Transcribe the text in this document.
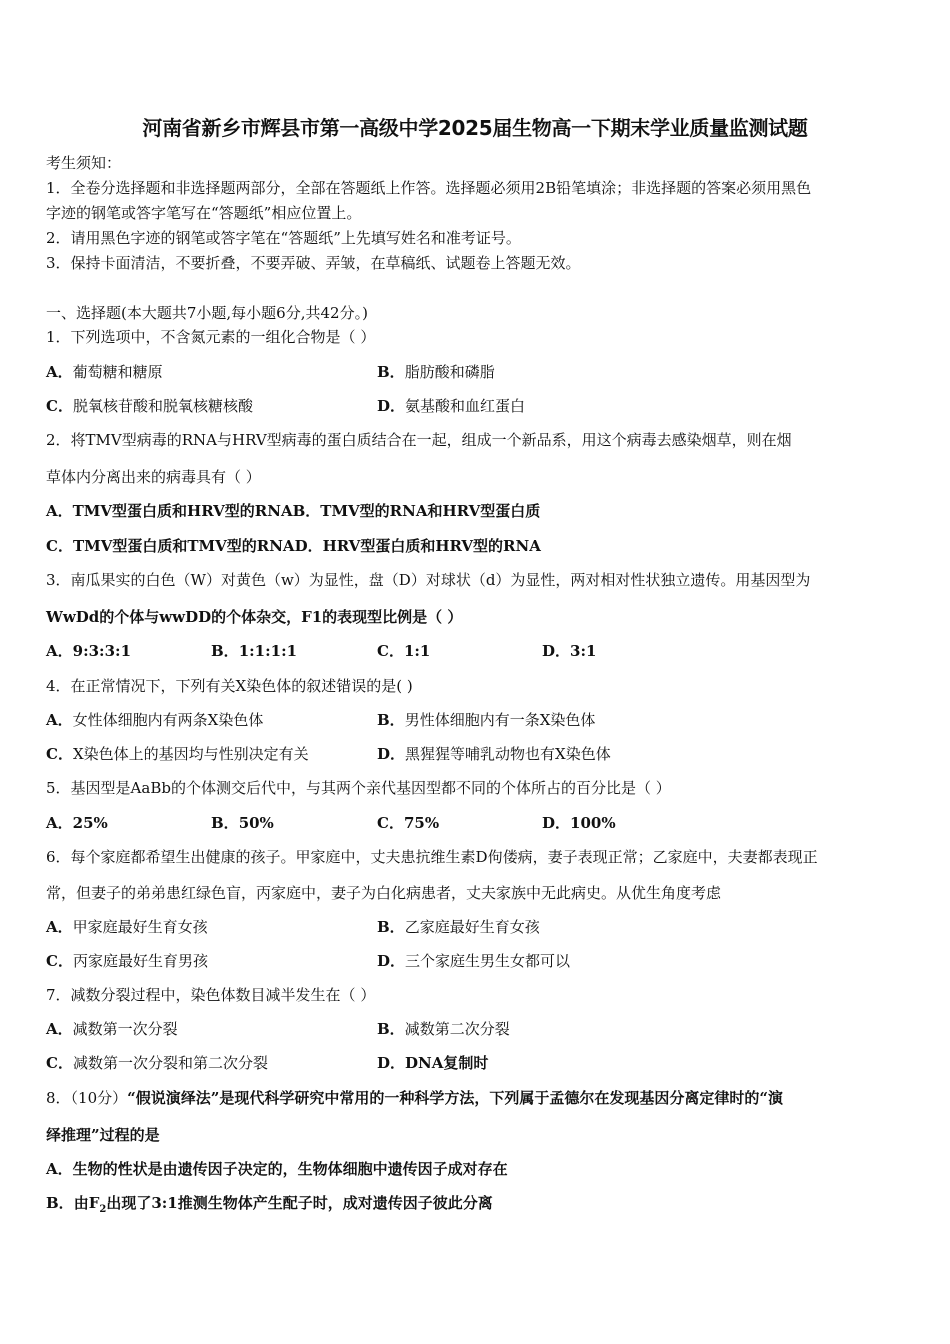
河南省新乡市辉县市第一高级中学2025届生物高一下期末学业质量监测试题
考生须知：
1．全卷分选择题和非选择题两部分，全部在答题纸上作答。选择题必须用2B铅笔填涂；非选择题的答案必须用黑色
字迹的钢笔或答字笔写在“答题纸”相应位置上。
2．请用黑色字迹的钢笔或答字笔在“答题纸”上先填写姓名和准考证号。
3．保持卡面清洁，不要折叠，不要弄破、弄皱，在草稿纸、试题卷上答题无效。
一、选择题(本大题共7小题,每小题6分,共42分。)
1．下列选项中，不含氮元素的一组化合物是（ ）
A．葡萄糖和糖原	B．脂肪酸和磷脂
C．脱氧核苷酸和脱氧核糖核酸	D．氨基酸和血红蛋白
2．将TMV型病毒的RNA与HRV型病毒的蛋白质结合在一起，组成一个新品系，用这个病毒去感染烟草，则在烟
草体内分离出来的病毒具有（ ）
A．TMV型蛋白质和HRV型的RNAB．TMV型的RNA和HRV型蛋白质
C．TMV型蛋白质和TMV型的RNAD．HRV型蛋白质和HRV型的RNA
3．南瓜果实的白色（W）对黄色（w）为显性，盘（D）对球状（d）为显性，两对相对性状独立遗传。用基因型为
WwDd的个体与wwDD的个体杂交，F1的表现型比例是（ ）
A．9:3:3:1	B．1:1:1:1	C．1:1	D．3:1
4．在正常情况下，下列有关X染色体的叙述错误的是( )
A．女性体细胞内有两条X染色体	B．男性体细胞内有一条X染色体
C．X染色体上的基因均与性别决定有关	D．黑猩猩等哺乳动物也有X染色体
5．基因型是AaBb的个体测交后代中，与其两个亲代基因型都不同的个体所占的百分比是（ ）
A．25%	B．50%	C．75%	D．100%
6．每个家庭都希望生出健康的孩子。甲家庭中，丈夫患抗维生素D佝偻病，妻子表现正常；乙家庭中，夫妻都表现正
常，但妻子的弟弟患红绿色盲，丙家庭中，妻子为白化病患者，丈夫家族中无此病史。从优生角度考虑
A．甲家庭最好生育女孩	B．乙家庭最好生育女孩
C．丙家庭最好生育男孩	D．三个家庭生男生女都可以
7．减数分裂过程中，染色体数目减半发生在（ ）
A．减数第一次分裂	B．减数第二次分裂
C．减数第一次分裂和第二次分裂	D．DNA复制时
8．（10分）“假说演绎法”是现代科学研究中常用的一种科学方法，下列属于孟德尔在发现基因分离定律时的“演
绎推理”过程的是
A．生物的性状是由遗传因子决定的，生物体细胞中遗传因子成对存在
B．由$F_2$出现了3:1推测生物体产生配子时，成对遗传因子彼此分离
